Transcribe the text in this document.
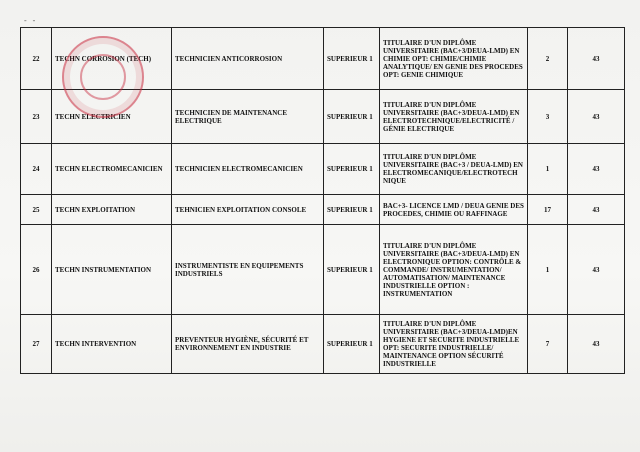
- -
22	TECHN CORROSION (TECH)	TECHNICIEN ANTICORROSION	SUPERIEUR 1	TITULAIRE D'UN DIPLÔME UNIVERSITAIRE (BAC+3/DEUA-LMD) EN CHIMIE OPT: CHIMIE/CHIMIE ANALYTIQUE/ EN GENIE DES PROCEDES OPT: GENIE CHIMIQUE	2	43
23	TECHN ELECTRICIEN	TECHNICIEN DE MAINTENANCE ELECTRIQUE	SUPERIEUR 1	TITULAIRE D'UN DIPLÔME UNIVERSITAIRE (BAC+3/DEUA-LMD) EN ELECTROTECHNIQUE/ELECTRICITÉ / GÉNIE ELECTRIQUE	3	43
24	TECHN ELECTROMECANICIEN	TECHNICIEN ELECTROMECANICIEN	SUPERIEUR 1	TITULAIRE D'UN DIPLÔME UNIVERSITAIRE (BAC+3 / DEUA-LMD) EN ELECTROMECANIQUE/ELECTROTECH NIQUE	1	43
25	TECHN EXPLOITATION	TEHNICIEN EXPLOITATION CONSOLE	SUPERIEUR 1	BAC+3- LICENCE LMD / DEUA GENIE DES PROCEDES, CHIMIE OU RAFFINAGE	17	43
26	TECHN INSTRUMENTATION	INSTRUMENTISTE EN EQUIPEMENTS INDUSTRIELS	SUPERIEUR 1	TITULAIRE D'UN DIPLÔME UNIVERSITAIRE (BAC+3/DEUA-LMD) EN ELECTRONIQUE OPTION: CONTRÔLE & COMMANDE/ INSTRUMENTATION/ AUTOMATISATION/ MAINTENANCE INDUSTRIELLE OPTION : INSTRUMENTATION	1	43
27	TECHN INTERVENTION	PREVENTEUR HYGIÈNE, SÉCURITÉ ET ENVIRONNEMENT EN INDUSTRIE	SUPERIEUR 1	TITULAIRE D'UN DIPLÔME UNIVERSITAIRE (BAC+3/DEUA-LMD)EN HYGIENE ET SECURITE INDUSTRIELLE OPT: SECURITE INDUSTRIELLE/ MAINTENANCE OPTION SÉCURITÉ INDUSTRIELLE	7	43
